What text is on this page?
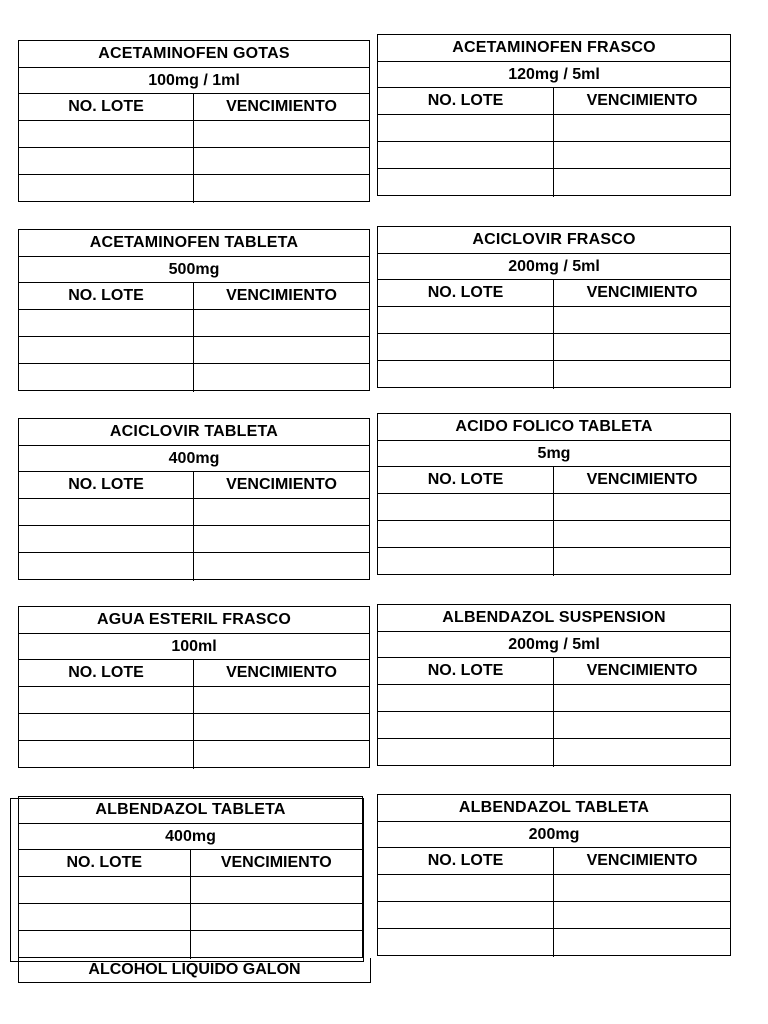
ACETAMINOFEN GOTAS
100mg / 1ml
NO. LOTE	VENCIMIENTO
ACETAMINOFEN FRASCO
120mg / 5ml
NO. LOTE	VENCIMIENTO
ACETAMINOFEN TABLETA
500mg
NO. LOTE	VENCIMIENTO
ACICLOVIR FRASCO
200mg / 5ml
NO. LOTE	VENCIMIENTO
ACICLOVIR TABLETA
400mg
NO. LOTE	VENCIMIENTO
ACIDO FOLICO TABLETA
5mg
NO. LOTE	VENCIMIENTO
AGUA ESTERIL FRASCO
100ml
NO. LOTE	VENCIMIENTO
ALBENDAZOL SUSPENSION
200mg / 5ml
NO. LOTE	VENCIMIENTO
ALBENDAZOL TABLETA
400mg
NO. LOTE	VENCIMIENTO
ALBENDAZOL TABLETA
200mg
NO. LOTE	VENCIMIENTO
ALCOHOL LIQUIDO GALON
